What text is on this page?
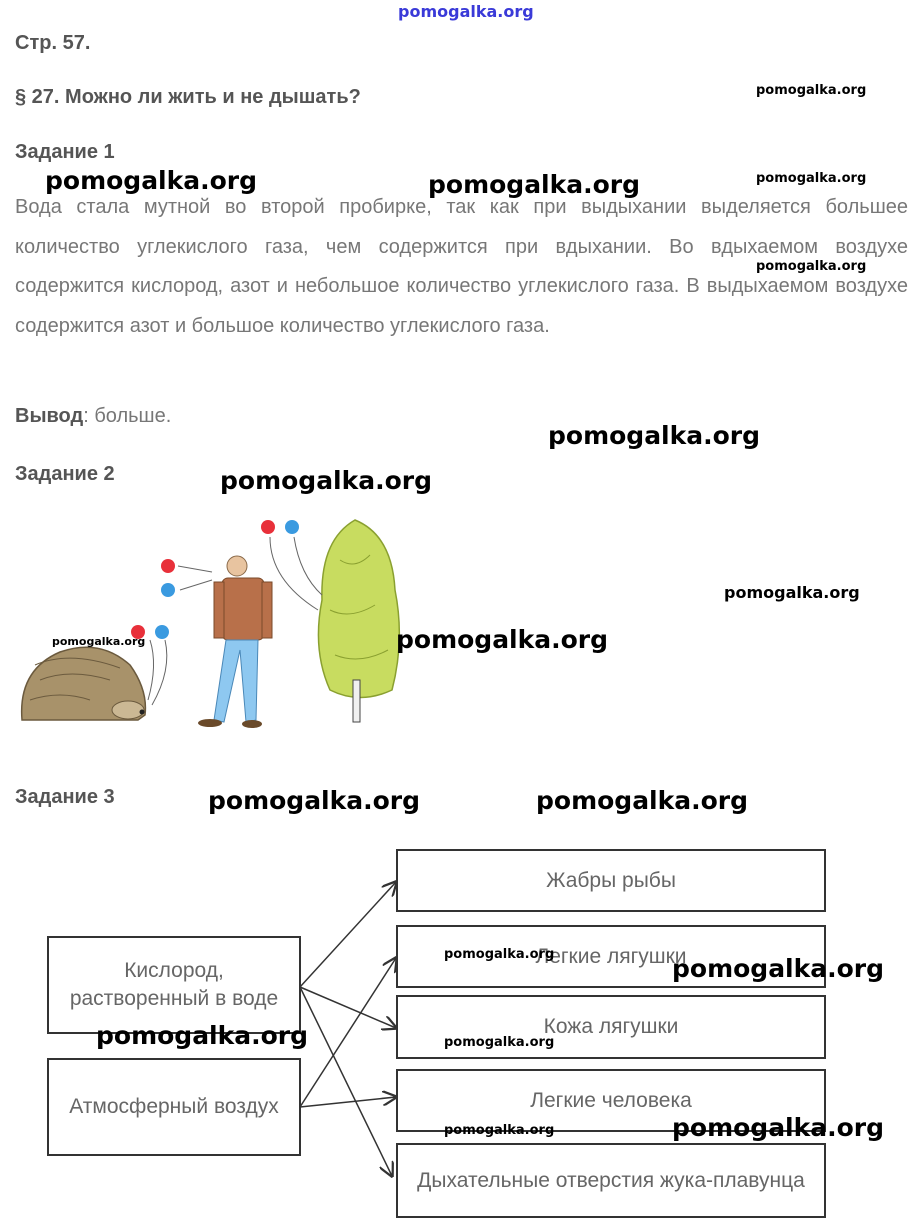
pomogalka.org
Стр. 57.
§ 27. Можно ли жить и не дышать?
Задание 1
Вода стала мутной во второй пробирке, так как при выдыхании выделяется большее количество углекислого газа, чем содержится при вдыхании. Во вдыхаемом воздухе содержится кислород, азот и небольшое количество углекислого газа. В выдыхаемом воздухе содержится азот и большое количество углекислого газа.
Вывод: больше.
Задание 2
Задание 3
Кислород, растворенный в воде
Атмосферный воздух
Жабры рыбы
Легкие лягушки
Кожа лягушки
Легкие человека
Дыхательные отверстия жука-плавунца
pomogalka.org
pomogalka.org	pomogalka.org	pomogalka.org
pomogalka.org
pomogalka.org
pomogalka.org
pomogalka.org
pomogalka.org	pomogalka.org
pomogalka.org	pomogalka.org
pomogalka.org	pomogalka.org
pomogalka.org	pomogalka.org
pomogalka.org	pomogalka.org
